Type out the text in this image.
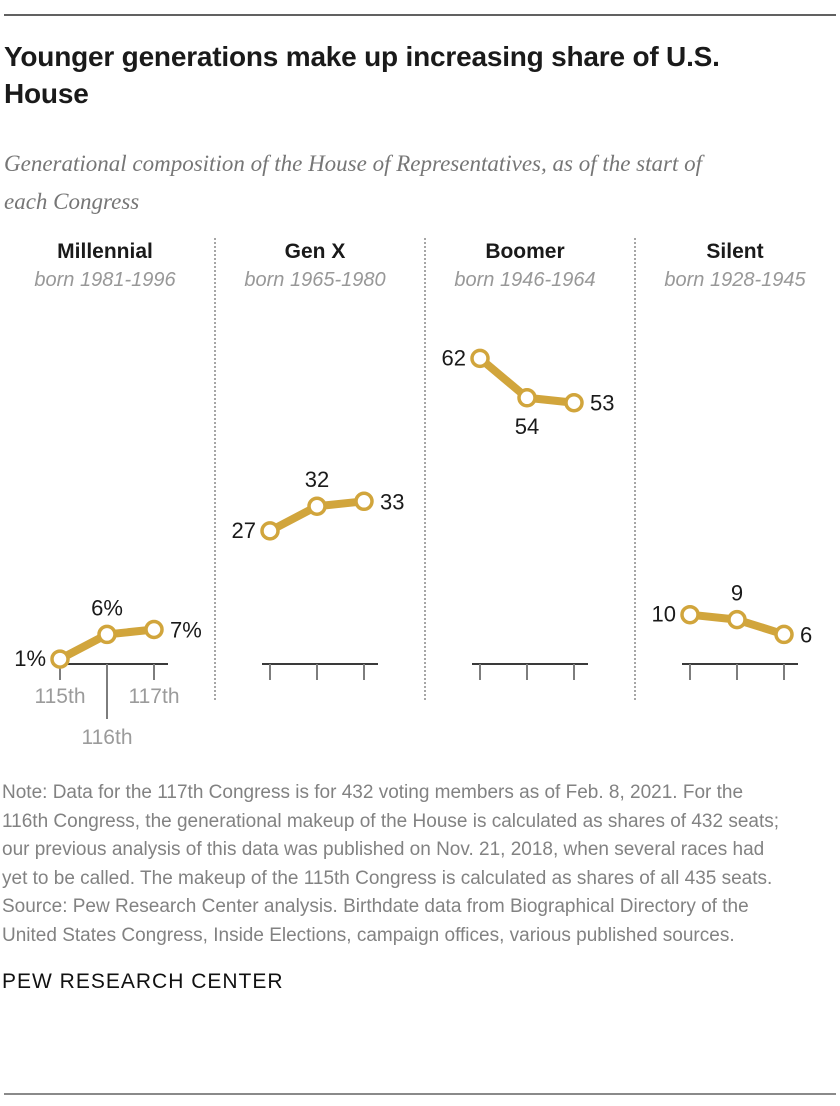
Younger generations make up increasing share of U.S. House

Generational composition of the House of Representatives, as of the start of each Congress

Millennial
born 1981-1996
115th 117th
116th
1%
6%
7%
Gen X
born 1965-1980
27
32
33
Boomer
born 1946-1964
62
54
53
Silent
born 1928-1945
10
9
6

Note: Data for the 117th Congress is for 432 voting members as of Feb. 8, 2021. For the 116th Congress, the generational makeup of the House is calculated as shares of 432 seats; our previous analysis of this data was published on Nov. 21, 2018, when several races had yet to be called. The makeup of the 115th Congress is calculated as shares of all 435 seats.

Source: Pew Research Center analysis. Birthdate data from Biographical Directory of the United States Congress, Inside Elections, campaign offices, various published sources.

PEW RESEARCH CENTER
